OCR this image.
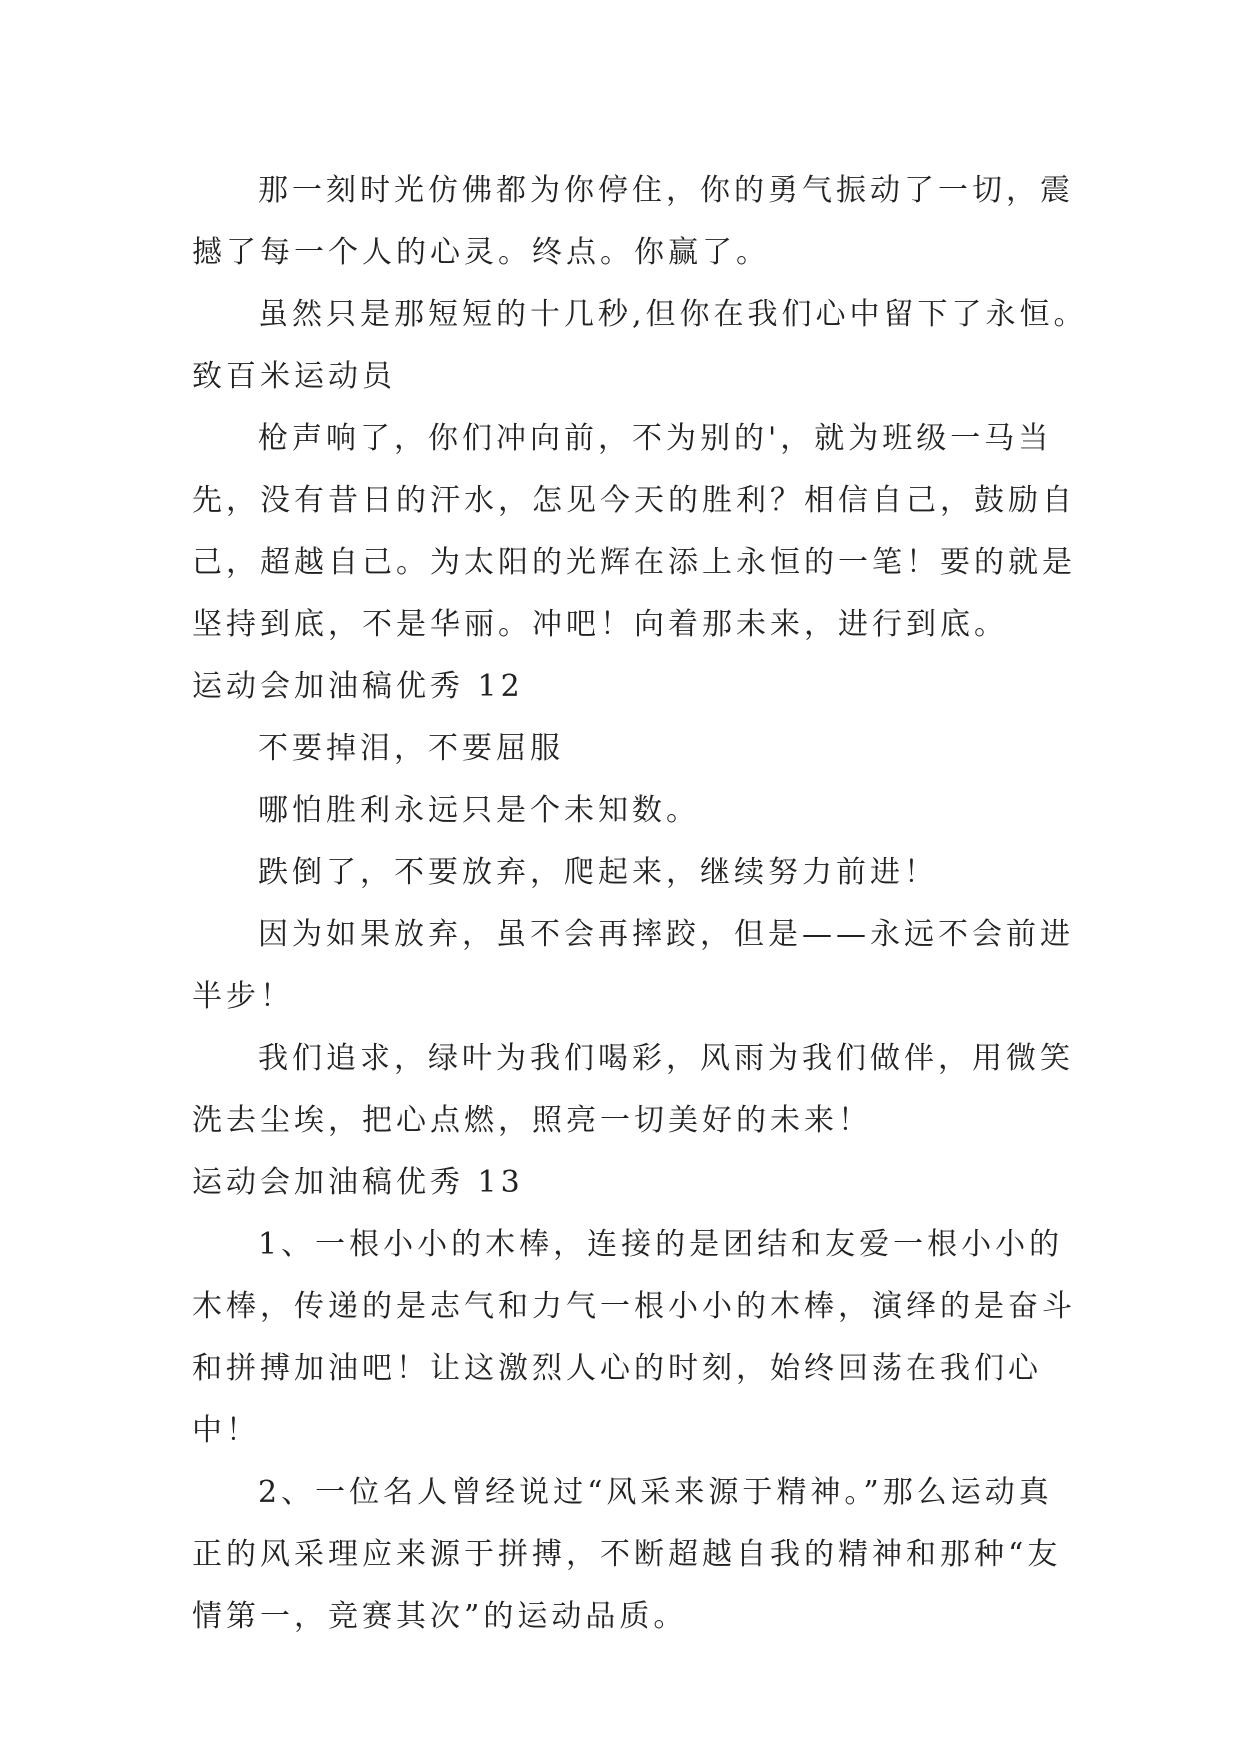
那一刻时光仿佛都为你停住，你的勇气振动了一切，震
撼了每一个人的心灵。终点。你赢了。
虽然只是那短短的十几秒,但你在我们心中留下了永恒。
致百米运动员
枪声响了，你们冲向前，不为别的'，就为班级一马当
先，没有昔日的汗水，怎见今天的胜利？相信自己，鼓励自
己，超越自己。为太阳的光辉在添上永恒的一笔！要的就是
坚持到底，不是华丽。冲吧！向着那未来，进行到底。
运动会加油稿优秀 12
不要掉泪，不要屈服
哪怕胜利永远只是个未知数。
跌倒了，不要放弃，爬起来，继续努力前进！
因为如果放弃，虽不会再摔跤，但是——永远不会前进
半步！
我们追求，绿叶为我们喝彩，风雨为我们做伴，用微笑
洗去尘埃，把心点燃，照亮一切美好的未来！
运动会加油稿优秀 13
1、一根小小的木棒，连接的是团结和友爱一根小小的
木棒，传递的是志气和力气一根小小的木棒，演绎的是奋斗
和拼搏加油吧！让这激烈人心的时刻，始终回荡在我们心
中！
2、一位名人曾经说过“风采来源于精神。”那么运动真
正的风采理应来源于拼搏，不断超越自我的精神和那种“友
情第一，竞赛其次”的运动品质。
